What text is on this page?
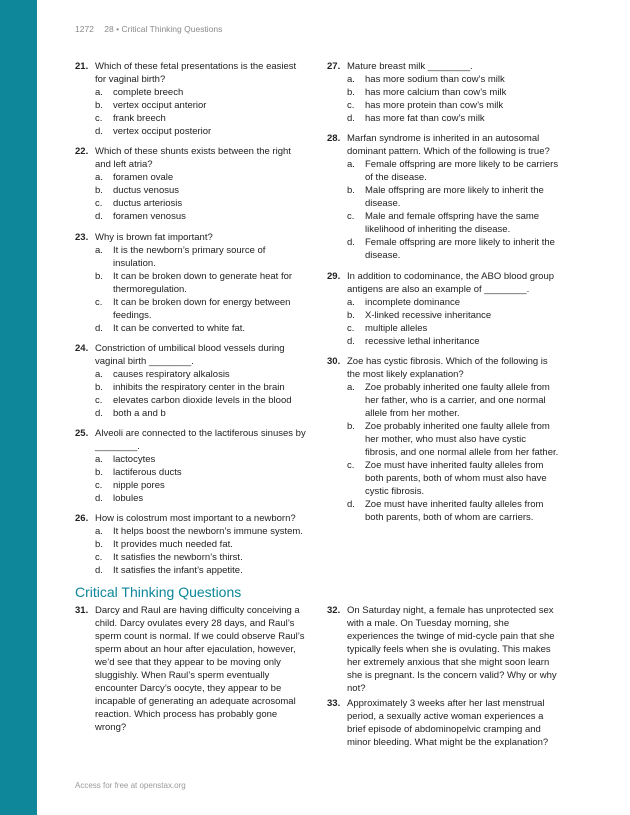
1272 28 • Critical Thinking Questions
21. Which of these fetal presentations is the easiest for vaginal birth?
a. complete breech
b. vertex occiput anterior
c. frank breech
d. vertex occiput posterior
22. Which of these shunts exists between the right and left atria?
a. foramen ovale
b. ductus venosus
c. ductus arteriosis
d. foramen venosus
23. Why is brown fat important?
a. It is the newborn’s primary source of insulation.
b. It can be broken down to generate heat for thermoregulation.
c. It can be broken down for energy between feedings.
d. It can be converted to white fat.
24. Constriction of umbilical blood vessels during vaginal birth ________.
a. causes respiratory alkalosis
b. inhibits the respiratory center in the brain
c. elevates carbon dioxide levels in the blood
d. both a and b
25. Alveoli are connected to the lactiferous sinuses by ________.
a. lactocytes
b. lactiferous ducts
c. nipple pores
d. lobules
26. How is colostrum most important to a newborn?
a. It helps boost the newborn’s immune system.
b. It provides much needed fat.
c. It satisfies the newborn’s thirst.
d. It satisfies the infant’s appetite.
27. Mature breast milk ________.
a. has more sodium than cow’s milk
b. has more calcium than cow’s milk
c. has more protein than cow’s milk
d. has more fat than cow’s milk
28. Marfan syndrome is inherited in an autosomal dominant pattern. Which of the following is true?
a. Female offspring are more likely to be carriers of the disease.
b. Male offspring are more likely to inherit the disease.
c. Male and female offspring have the same likelihood of inheriting the disease.
d. Female offspring are more likely to inherit the disease.
29. In addition to codominance, the ABO blood group antigens are also an example of ________.
a. incomplete dominance
b. X-linked recessive inheritance
c. multiple alleles
d. recessive lethal inheritance
30. Zoe has cystic fibrosis. Which of the following is the most likely explanation?
a. Zoe probably inherited one faulty allele from her father, who is a carrier, and one normal allele from her mother.
b. Zoe probably inherited one faulty allele from her mother, who must also have cystic fibrosis, and one normal allele from her father.
c. Zoe must have inherited faulty alleles from both parents, both of whom must also have cystic fibrosis.
d. Zoe must have inherited faulty alleles from both parents, both of whom are carriers.
Critical Thinking Questions
31. Darcy and Raul are having difficulty conceiving a child. Darcy ovulates every 28 days, and Raul’s sperm count is normal. If we could observe Raul’s sperm about an hour after ejaculation, however, we’d see that they appear to be moving only sluggishly. When Raul’s sperm eventually encounter Darcy’s oocyte, they appear to be incapable of generating an adequate acrosomal reaction. Which process has probably gone wrong?
32. On Saturday night, a female has unprotected sex with a male. On Tuesday morning, she experiences the twinge of mid-cycle pain that she typically feels when she is ovulating. This makes her extremely anxious that she might soon learn she is pregnant. Is the concern valid? Why or why not?
33. Approximately 3 weeks after her last menstrual period, a sexually active woman experiences a brief episode of abdominopelvic cramping and minor bleeding. What might be the explanation?
Access for free at openstax.org
